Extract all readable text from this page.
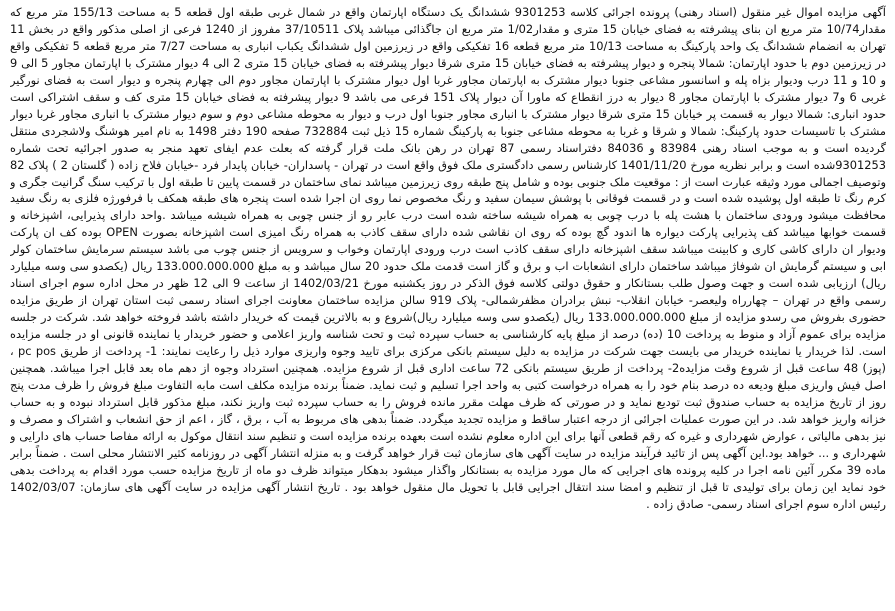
آگهی مزایده اموال غیر منقول (اسناد رهنی) پرونده اجرائی کلاسه 9301253 ششدانگ یک دستگاه اپارتمان واقع در شمال غربی طبقه اول قطعه 5 به مساحت 155/13 متر مربع که مقدار10/74 متر مربع ان بنای پیشرفته به فضای خیابان 15 متری و مقدار1/02 متر مربع ان جاگذائی میباشد پلاک 37/10511 مفروز از 1240 فرعی از اصلی مذکور واقع در بخش 11 تهران به انضمام ششدانگ یک واحد پارکینگ به مساحت 10/13 متر مربع قطعه 16 تفکیکی واقع در زیرزمین اول ششدانگ یکباب انباری به مساحت 7/27 متر مربع قطعه 5 تفکیکی واقع در زیرزمین دوم با حدود اپارتمان: شمالا پنجره و دیوار پیشرفته به فضای خیابان 15 متری شرقا دیوار پیشرفته به فضای خیابان 15 متری 2 الی 4 دیوار مشترک با اپارتمان مجاور 5 الی 9 و 10 و 11 درب ودیوار بزاه پله و اسانسور مشاعی جنوبا دیوار مشترک به اپارتمان مجاور غربا اول دیوار مشترک با اپارتمان مجاور دوم الی چهارم پنجره و دیوار است به فضای نورگیر غربی 6 و7 دیوار مشترک با اپارتمان مجاور 8 دیوار به درز انقطاع که ماورا آن دیوار پلاک 151 فرعی می باشد 9 دیوار پیشرفته به فضای خیابان 15 متری کف و سقف اشتراکی است حدود انباری: شمالا دیوار به قسمت پر خیابان 15 متری شرقا دیوار مشترک با انباری مجاور جنوبا اول درب و دیوار به محوطه مشاعی دوم و سوم دیوار مشترک با انباری مجاور غربا دیوار مشترک با تاسیسات حدود پارکینگ: شمالا و شرقا و غربا به محوطه مشاعی جنوبا به پارکینگ شماره 15 ذیل ثبت 732884 صفحه 190 دفتر 1498 به نام امیر هوشنگ ولاشجردی منتقل گردیده است و به موجب اسناد رهنی 83984 و 84036 دفتراسناد رسمی 87 تهران در رهن بانک ملت قرار گرفته که بعلت عدم ایفای تعهد منجر به صدور اجرائیه تحت شماره 9301253شده است و برابر نظریه مورخ 1401/11/20 کارشناس رسمی دادگستری ملک فوق واقع است در تهران - پاسداران- خیابان پایدار فرد -خیابان فلاح زاده ( گلستان 2 ) پلاک 82 وتوصیف اجمالی مورد وثیقه عبارت است از : موقعیت ملک جنوبی بوده و شامل پنج طبقه روی زیرزمین میباشد نمای ساختمان در قسمت پایین تا طبقه اول با ترکیب سنگ گرانیت جگری و کرم رنگ تا طبقه اول پوشیده شده است و در قسمت فوقانی با پوشش سیمان سفید و رنگ مخصوص نما روی ان اجرا شده است پنجره های طبقه همکف با فرفورژه فلزی به رنگ سفید محافظت میشود ورودی ساختمان با هشت پله با درب چوبی به همراه شیشه ساخته شده است درب عابر رو از جنس چوبی به همراه شیشه میباشد .واحد دارای پذیرایی، اشپزخانه و قسمت خوابها میباشد کف پذیرایی پارکت دیواره ها اندود گچ بوده که روی ان نقاشی شده دارای سقف کاذب به همراه رنگ امیزی است اشپزخانه بصورت OPEN بوده کف ان پارکت ودیوار ان دارای کاشی کاری و کابینت میباشد سقف اشپزخانه دارای سقف کاذب است درب ورودی اپارتمان وخواب و سرویس از جنس چوب می باشد سیستم سرمایش ساختمان کولر ابی و سیستم گرمایش ان شوفاژ میباشد ساختمان دارای انشعابات اب و برق و گاز است قدمت ملک حدود 20 سال میباشد و به مبلغ 133.000.000.000 ریال (یکصدو سی وسه میلیارد ریال) ارزیابی شده است و جهت وصول طلب بستانکار و حقوق دولتی کلاسه فوق الذکر در روز یکشنبه مورخ 1402/03/21 از ساعت 9 الی 12 ظهر در محل اداره سوم اجرای اسناد رسمی واقع در تهران – چهارراه ولیعصر- خیابان انقلاب- نبش برادران مظفرشمالی- پلاک 919 سالن مزایده ساختمان معاونت اجرای اسناد رسمی ثبت استان تهران از طریق مزایده حضوری بفروش می رسدو مزایده از مبلغ 133.000.000.000 ریال (یکصدو سی وسه میلیارد ریال)شروع و به بالاترین قیمت که خریدار داشته باشد فروخته خواهد شد. شرکت در جلسه مزایده برای عموم آزاد و منوط به پرداخت 10 (ده) درصد از مبلغ پایه کارشناسی به حساب سپرده ثبت و تحت شناسه واریز اعلامی و حضور خریدار یا نماینده قانونی او در جلسه مزایده است. لذا خریدار یا نماینده خریدار می بایست جهت شرکت در مزایده به دلیل سیستم بانکی مرکزی برای تایید وجوه واریزی موارد ذیل را رعایت نمایند: 1- پرداخت از طریق pc pos ، (پوز) 48 ساعت قبل از شروع وقت مزایده2- پرداخت از طریق سیستم بانکی 72 ساعت اداری قبل از شروع مزایده. همچنین استرداد وجوه از دهم ماه بعد قابل اجرا میباشد. همچنین اصل فیش واریزی مبلغ ودیعه ده درصد بنام خود را به همراه درخواست کتبی به واحد اجرا تسلیم و ثبت نماید. ضمناً برنده مزایده مکلف است مابه التفاوت مبلغ فروش را ظرف مدت پنج روز از تاریخ مزایده به حساب صندوق ثبت تودیع نماید و در صورتی که ظرف مهلت مقرر مانده فروش را به حساب سپرده ثبت واریز نکند، مبلغ مذکور قابل استرداد نبوده و به حساب خزانه واریز خواهد شد. در این صورت عملیات اجرائی از درجه اعتبار ساقط و مزایده تجدید میگردد. ضمناً بدهی های مربوط به آب ، برق ، گاز ، اعم از حق انشعاب و اشتراک و مصرف و نیز بدهی مالیاتی ، عوارض شهرداری و غیره که رقم قطعی آنها برای این اداره معلوم نشده است بعهده برنده مزایده است و تنظیم سند انتقال موکول به ارائه مفاصا حساب های دارایی و شهرداری و ... خواهد بود.این آگهی پس از تائید فرآیند مزایده در سایت آگهی های سازمان ثبت قرار خواهد گرفت و به منزله انتشار آگهی در روزنامه کثیر الانتشار محلی است . ضمناً برابر ماده 39 مکرر آئین نامه اجرا در کلیه پرونده های اجرایی که مال مورد مزایده به بستانکار واگذار میشود بدهکار میتواند ظرف دو ماه از تاریخ مزایده حسب مورد اقدام به پرداخت بدهی خود نماید این زمان برای تولیدی تا قبل از تنظیم و امضا سند انتقال اجرایی قابل با تحویل مال منقول خواهد بود . تاریخ انتشار آگهی مزایده در سایت آگهی های سازمان: 1402/03/07 رئیس اداره سوم اجرای اسناد رسمی- صادق زاده .
